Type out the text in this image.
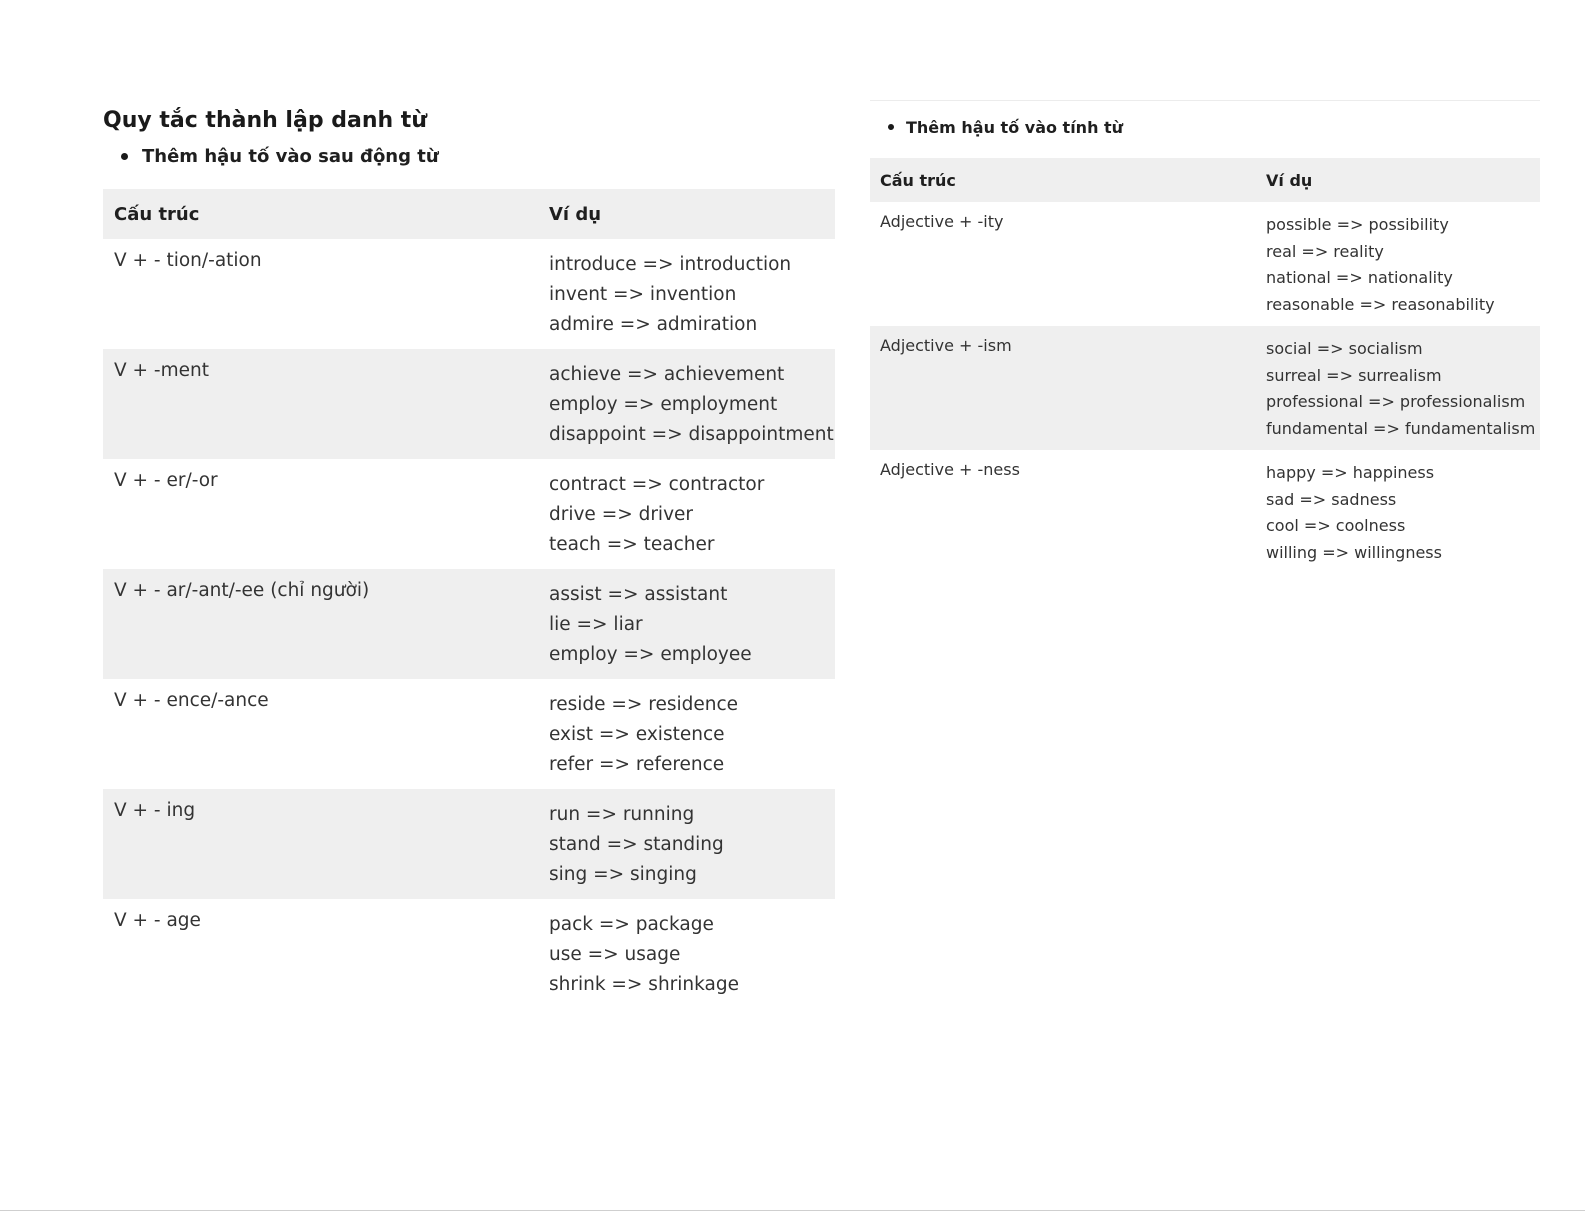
Quy tắc thành lập danh từ
Thêm hậu tố vào sau động từ
Cấu trúc	Ví dụ
V + - tion/-ation	introduce => introduction
invent => invention
admire => admiration

V + -ment	achieve => achievement
employ => employment
disappoint => disappointment

V + - er/-or	contract => contractor
drive => driver
teach => teacher

V + - ar/-ant/-ee (chỉ người)	assist => assistant
lie => liar
employ => employee

V + - ence/-ance	reside => residence
exist => existence
refer => reference

V + - ing	run => running
stand => standing
sing => singing

V + - age	pack => package
use => usage
shrink => shrinkage
Thêm hậu tố vào tính từ
Cấu trúc	Ví dụ
Adjective + -ity	possible => possibility
real => reality
national => nationality
reasonable => reasonability

Adjective + -ism	social => socialism
surreal => surrealism
professional => professionalism
fundamental => fundamentalism

Adjective + -ness	happy => happiness
sad => sadness
cool => coolness
willing => willingness
